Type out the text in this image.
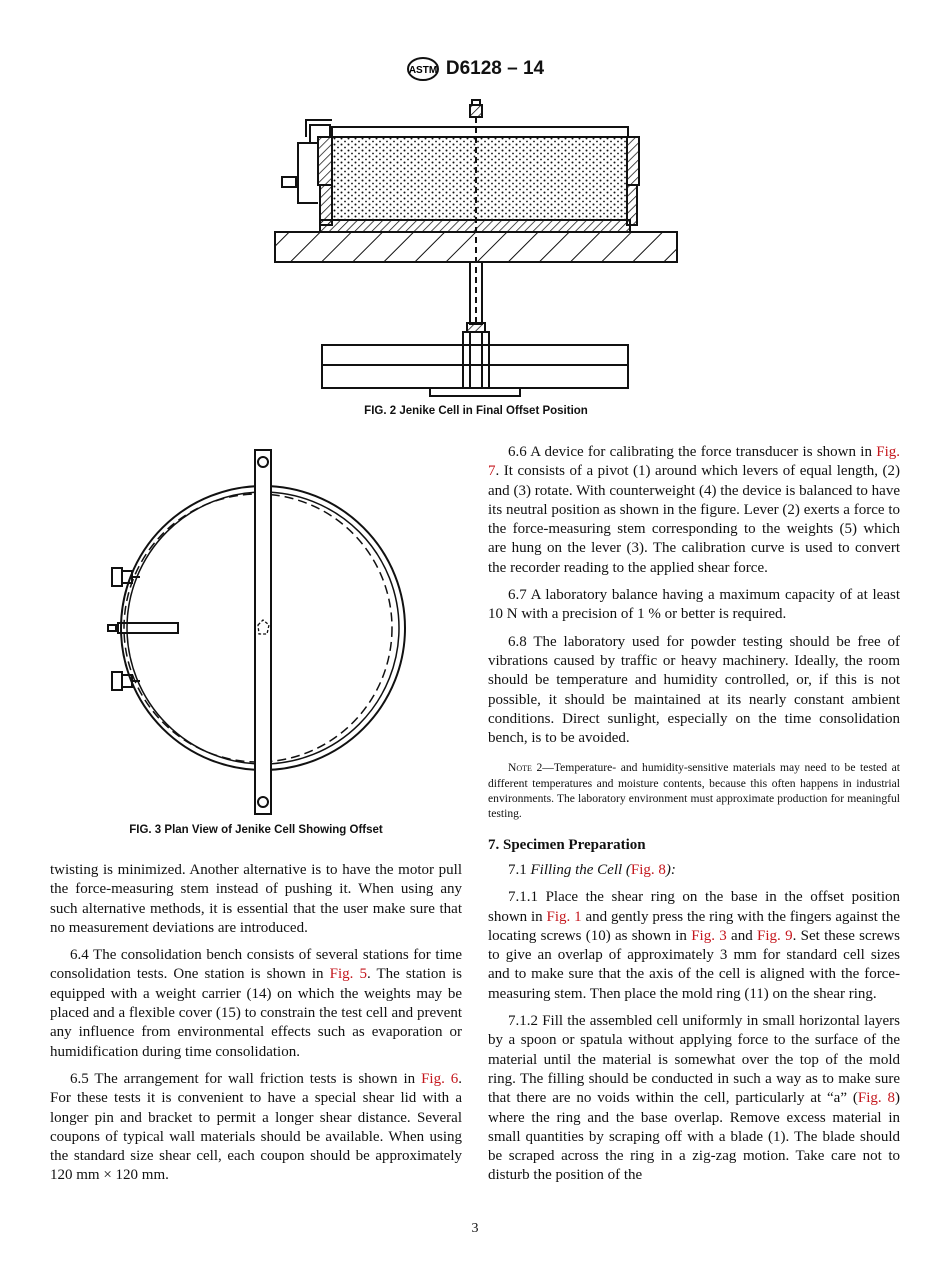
ASTM D6128 – 14
FIG. 2 Jenike Cell in Final Offset Position
FIG. 3 Plan View of Jenike Cell Showing Offset

twisting is minimized. Another alternative is to have the motor pull the force-measuring stem instead of pushing it. When using any such alternative methods, it is essential that the user make sure that no measurement deviations are introduced.

6.4 The consolidation bench consists of several stations for time consolidation tests. One station is shown in Fig. 5. The station is equipped with a weight carrier (14) on which the weights may be placed and a flexible cover (15) to constrain the test cell and prevent any influence from environmental effects such as evaporation or humidification during time consolidation.

6.5 The arrangement for wall friction tests is shown in Fig. 6. For these tests it is convenient to have a special shear lid with a longer pin and bracket to permit a longer shear distance. Several coupons of typical wall materials should be available. When using the standard size shear cell, each coupon should be approximately 120 mm × 120 mm.

6.6 A device for calibrating the force transducer is shown in Fig. 7. It consists of a pivot (1) around which levers of equal length, (2) and (3) rotate. With counterweight (4) the device is balanced to have its neutral position as shown in the figure. Lever (2) exerts a force to the force-measuring stem corresponding to the weights (5) which are hung on the lever (3). The calibration curve is used to convert the recorder reading to the applied shear force.

6.7 A laboratory balance having a maximum capacity of at least 10 N with a precision of 1 % or better is required.

6.8 The laboratory used for powder testing should be free of vibrations caused by traffic or heavy machinery. Ideally, the room should be temperature and humidity controlled, or, if this is not possible, it should be maintained at its nearly constant ambient conditions. Direct sunlight, especially on the time consolidation bench, is to be avoided.

Note 2—Temperature- and humidity-sensitive materials may need to be tested at different temperatures and moisture contents, because this often happens in industrial environments. The laboratory environment must approximate production for meaningful testing.
7. Specimen Preparation

7.1 Filling the Cell (Fig. 8):

7.1.1 Place the shear ring on the base in the offset position shown in Fig. 1 and gently press the ring with the fingers against the locating screws (10) as shown in Fig. 3 and Fig. 9. Set these screws to give an overlap of approximately 3 mm for standard cell sizes and to make sure that the axis of the cell is aligned with the force-measuring stem. Then place the mold ring (11) on the shear ring.

7.1.2 Fill the assembled cell uniformly in small horizontal layers by a spoon or spatula without applying force to the surface of the material until the material is somewhat over the top of the mold ring. The filling should be conducted in such a way as to make sure that there are no voids within the cell, particularly at “a” (Fig. 8) where the ring and the base overlap. Remove excess material in small quantities by scraping off with a blade (1). The blade should be scraped across the ring in a zig-zag motion. Take care not to disturb the position of the

3
